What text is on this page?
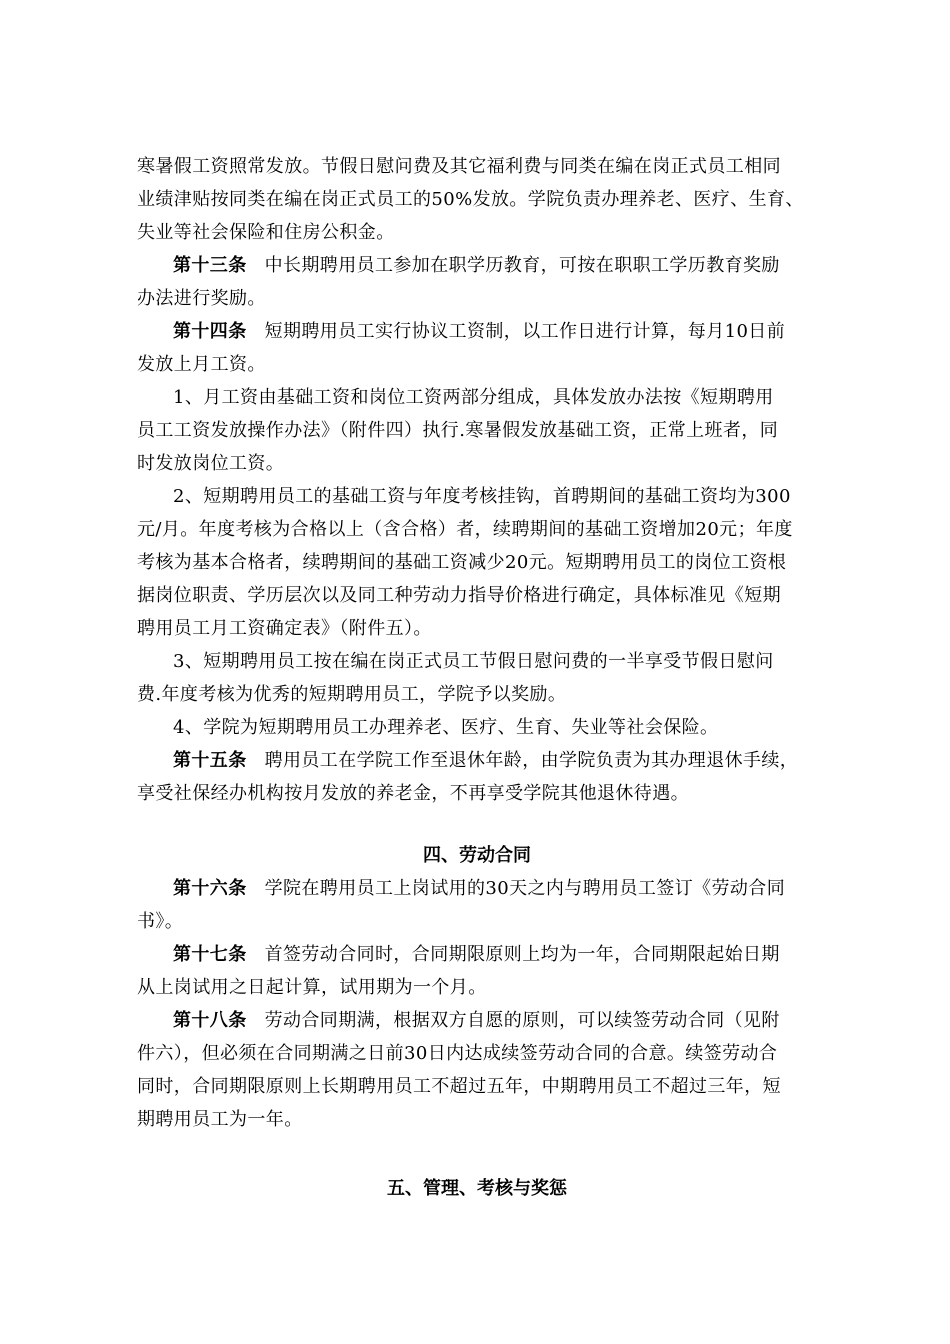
寒暑假工资照常发放。节假日慰问费及其它福利费与同类在编在岗正式员工相同
业绩津贴按同类在编在岗正式员工的50%发放。学院负责办理养老、医疗、生育、
失业等社会保险和住房公积金。
第十三条 中长期聘用员工参加在职学历教育，可按在职职工学历教育奖励
办法进行奖励。
第十四条 短期聘用员工实行协议工资制，以工作日进行计算，每月10日前
发放上月工资。
1、月工资由基础工资和岗位工资两部分组成，具体发放办法按《短期聘用
员工工资发放操作办法》（附件四）执行.寒暑假发放基础工资，正常上班者，同
时发放岗位工资。
2、短期聘用员工的基础工资与年度考核挂钩，首聘期间的基础工资均为300
元/月。年度考核为合格以上（含合格）者，续聘期间的基础工资增加20元；年度
考核为基本合格者，续聘期间的基础工资减少20元。短期聘用员工的岗位工资根
据岗位职责、学历层次以及同工种劳动力指导价格进行确定，具体标准见《短期
聘用员工月工资确定表》（附件五）。
3、短期聘用员工按在编在岗正式员工节假日慰问费的一半享受节假日慰问
费.年度考核为优秀的短期聘用员工，学院予以奖励。
4、学院为短期聘用员工办理养老、医疗、生育、失业等社会保险。
第十五条 聘用员工在学院工作至退休年龄，由学院负责为其办理退休手续，
享受社保经办机构按月发放的养老金，不再享受学院其他退休待遇。
四、劳动合同
第十六条 学院在聘用员工上岗试用的30天之内与聘用员工签订《劳动合同
书》。
第十七条 首签劳动合同时，合同期限原则上均为一年，合同期限起始日期
从上岗试用之日起计算，试用期为一个月。
第十八条 劳动合同期满，根据双方自愿的原则，可以续签劳动合同（见附
件六），但必须在合同期满之日前30日内达成续签劳动合同的合意。续签劳动合
同时，合同期限原则上长期聘用员工不超过五年，中期聘用员工不超过三年，短
期聘用员工为一年。
五、管理、考核与奖惩
